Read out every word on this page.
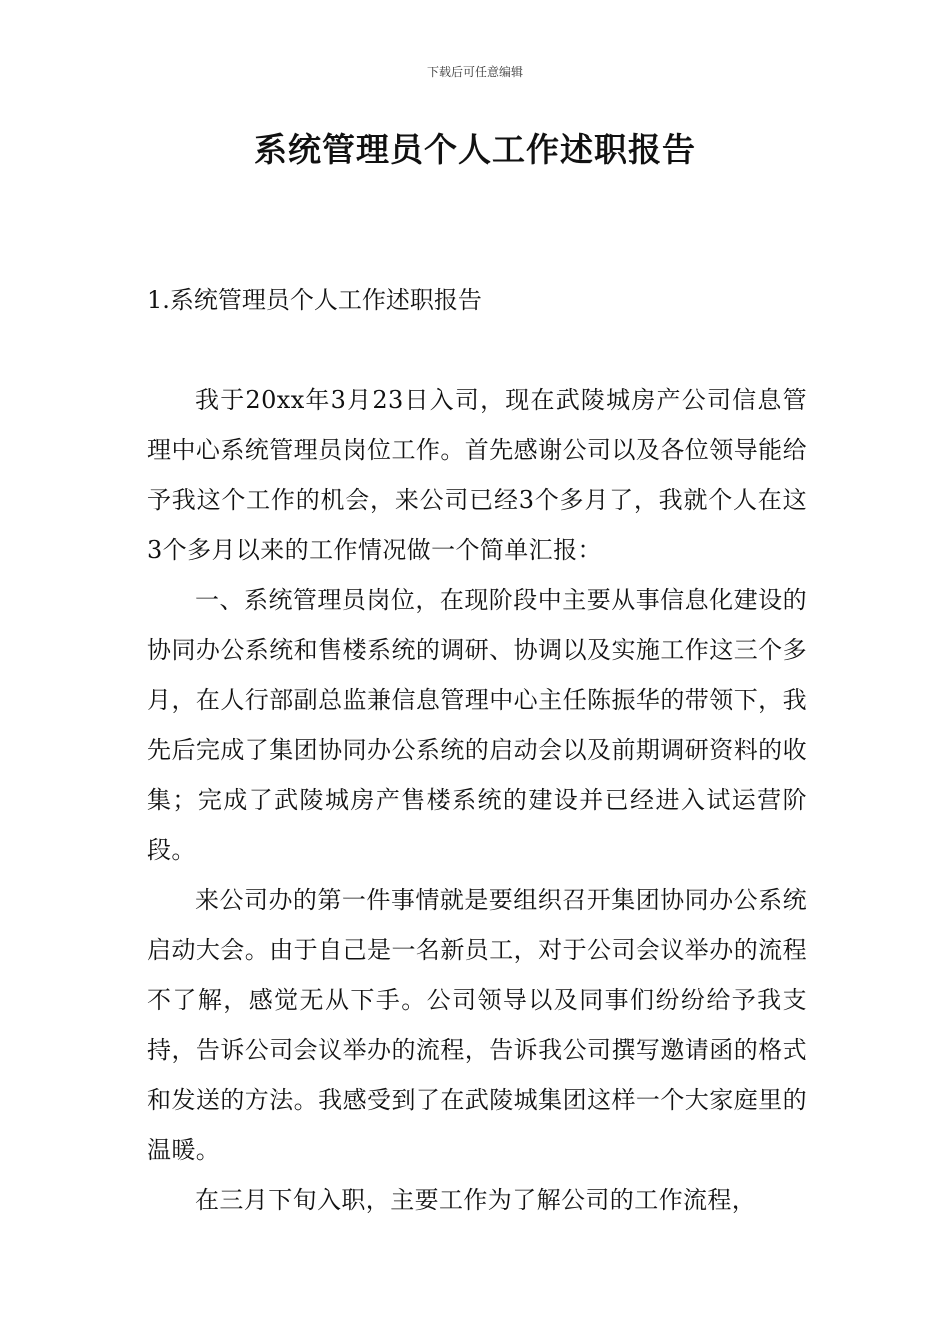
下载后可任意编辑
系统管理员个人工作述职报告
1.系统管理员个人工作述职报告

我于20xx年3月23日入司，现在武陵城房产公司信息管理中心系统管理员岗位工作。首先感谢公司以及各位领导能给予我这个工作的机会，来公司已经3个多月了，我就个人在这3个多月以来的工作情况做一个简单汇报：

一、系统管理员岗位，在现阶段中主要从事信息化建设的协同办公系统和售楼系统的调研、协调以及实施工作这三个多月，在人行部副总监兼信息管理中心主任陈振华的带领下，我先后完成了集团协同办公系统的启动会以及前期调研资料的收集；完成了武陵城房产售楼系统的建设并已经进入试运营阶段。

来公司办的第一件事情就是要组织召开集团协同办公系统启动大会。由于自己是一名新员工，对于公司会议举办的流程不了解，感觉无从下手。公司领导以及同事们纷纷给予我支持，告诉公司会议举办的流程，告诉我公司撰写邀请函的格式和发送的方法。我感受到了在武陵城集团这样一个大家庭里的温暖。

在三月下旬入职，主要工作为了解公司的工作流程，
